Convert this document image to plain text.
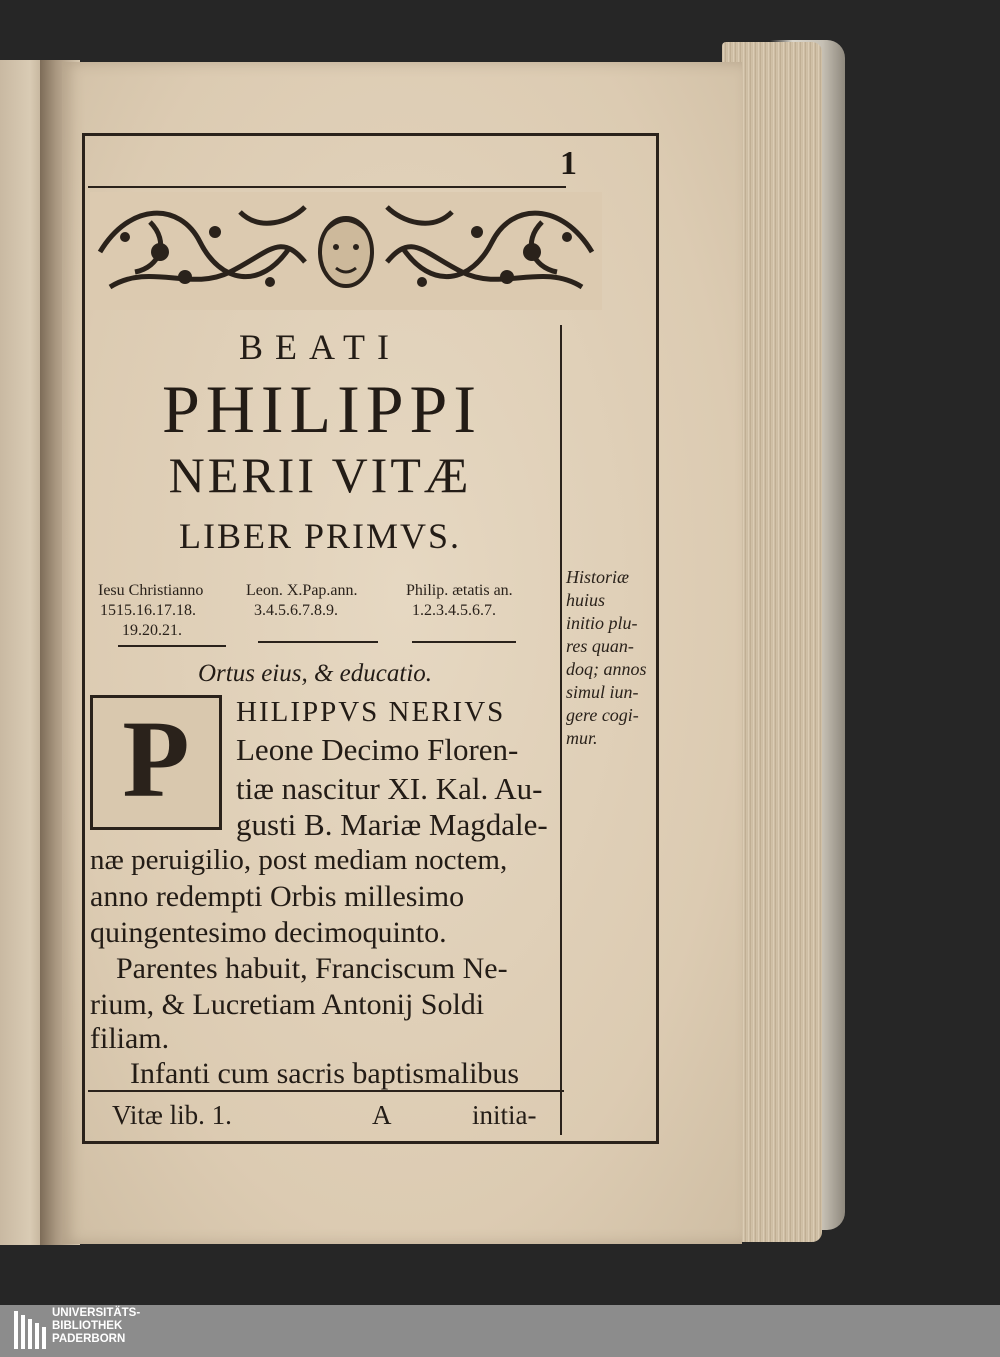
1
BEATI
PHILIPPI
NERII VITÆ
LIBER PRIMVS.
Iesu Christianno
1515.16.17.18.
19.20.21.
Leon. X.Pap.ann.
3.4.5.6.7.8.9.
Philip. ætatis an.
1.2.3.4.5.6.7.
Ortus eius, & educatio.
P	HILIPPVS NERIVS
Leone Decimo Floren-
tiæ nascitur XI. Kal. Au-
gusti B. Mariæ Magdale-
næ peruigilio, post mediam noctem,
anno redempti Orbis millesimo
quingentesimo decimoquinto.
Parentes habuit, Franciscum Ne-
rium, & Lucretiam Antonij Soldi
filiam.
Infanti cum sacris baptismalibus
Vitæ lib. 1.	A	initia-
Historiæ
huius
initio plu-
res quan-
doq; annos
simul iun-
gere cogi-
mur.
UNIVERSITÄTS-
BIBLIOTHEK
PADERBORN
